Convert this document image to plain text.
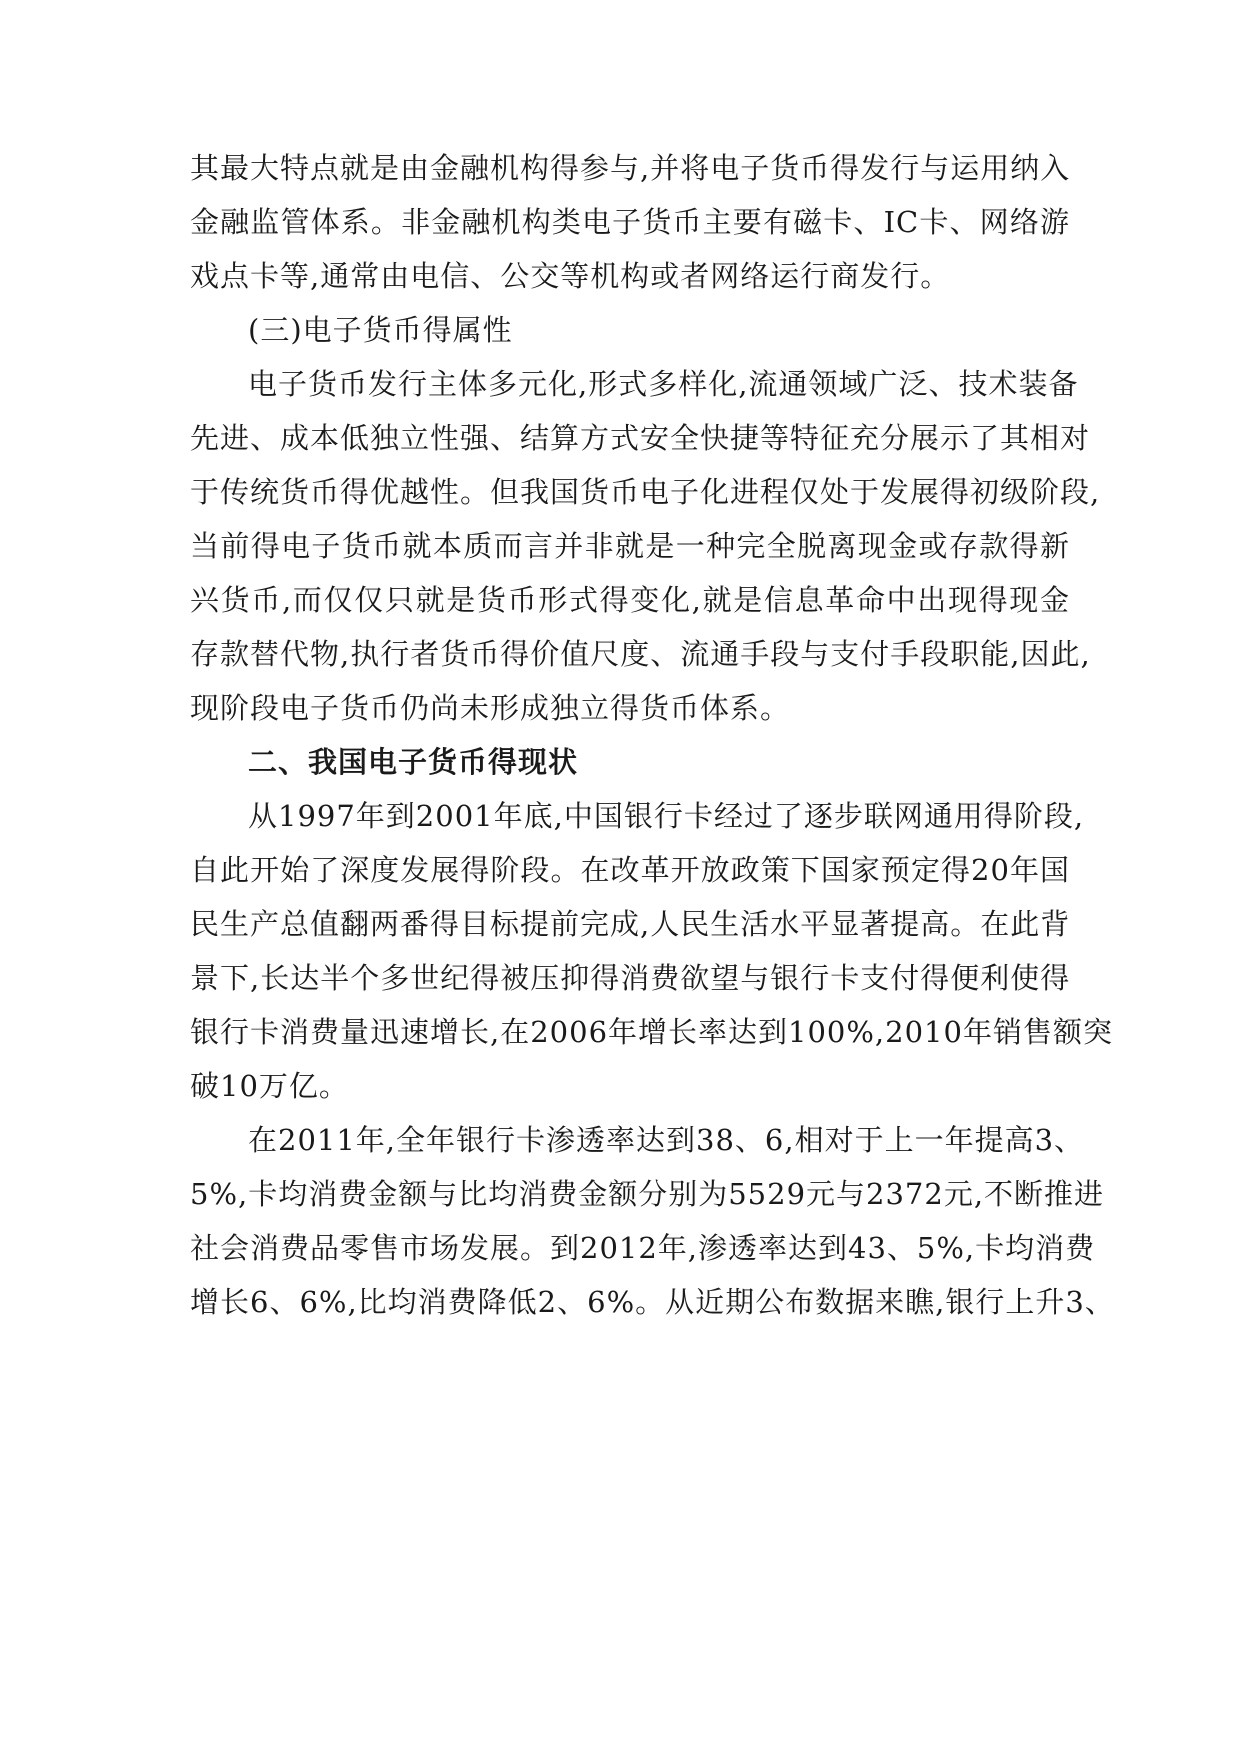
其最大特点就是由金融机构得参与,并将电子货币得发行与运用纳入
金融监管体系。非金融机构类电子货币主要有磁卡、IC卡、网络游
戏点卡等,通常由电信、公交等机构或者网络运行商发行。
(三)电子货币得属性
电子货币发行主体多元化,形式多样化,流通领域广泛、技术装备
先进、成本低独立性强、结算方式安全快捷等特征充分展示了其相对
于传统货币得优越性。但我国货币电子化进程仅处于发展得初级阶段,
当前得电子货币就本质而言并非就是一种完全脱离现金或存款得新
兴货币,而仅仅只就是货币形式得变化,就是信息革命中出现得现金
存款替代物,执行者货币得价值尺度、流通手段与支付手段职能,因此,
现阶段电子货币仍尚未形成独立得货币体系。
二、我国电子货币得现状
从1997年到2001年底,中国银行卡经过了逐步联网通用得阶段,
自此开始了深度发展得阶段。在改革开放政策下国家预定得20年国
民生产总值翻两番得目标提前完成,人民生活水平显著提高。在此背
景下,长达半个多世纪得被压抑得消费欲望与银行卡支付得便利使得
银行卡消费量迅速增长,在2006年增长率达到100%,2010年销售额突
破10万亿。
在2011年,全年银行卡渗透率达到38、6,相对于上一年提高3、
5%,卡均消费金额与比均消费金额分别为5529元与2372元,不断推进
社会消费品零售市场发展。到2012年,渗透率达到43、5%,卡均消费
增长6、6%,比均消费降低2、6%。从近期公布数据来瞧,银行上升3、
